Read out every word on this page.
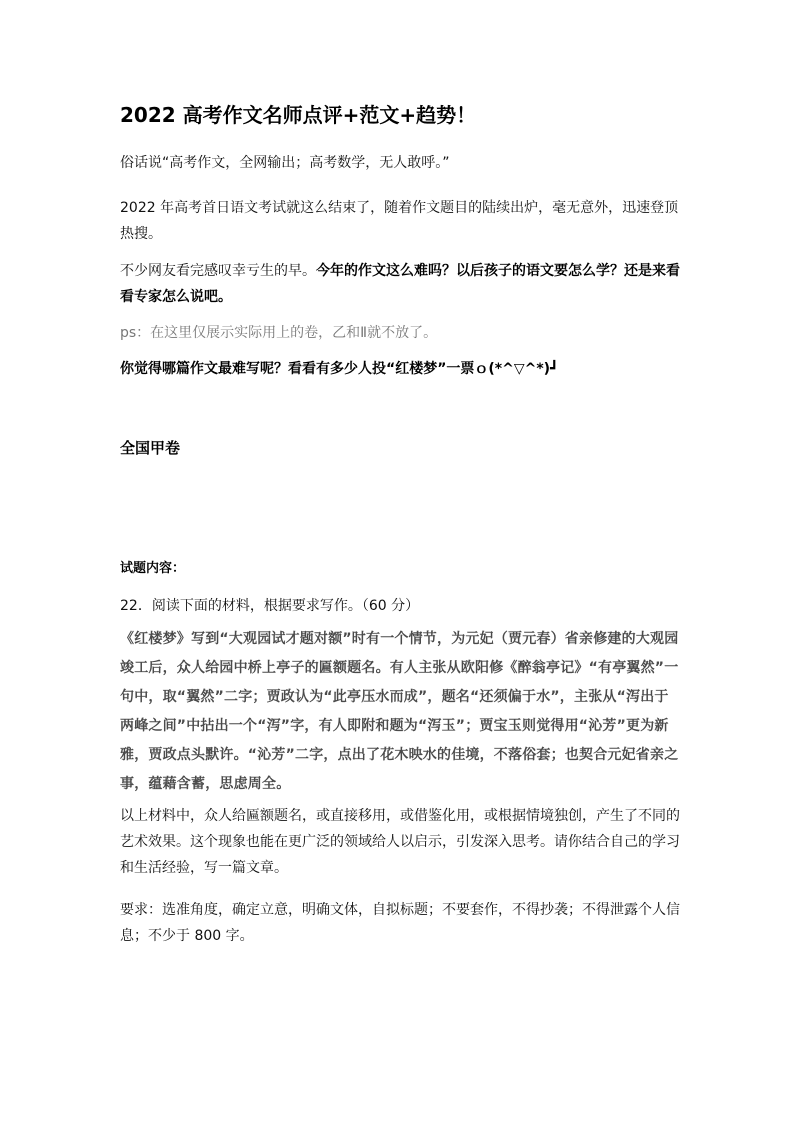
2022 高考作文名师点评+范文+趋势！

俗话说“高考作文，全网输出；高考数学，无人敢呼。”

2022 年高考首日语文考试就这么结束了，随着作文题目的陆续出炉，毫无意外，迅速登顶热搜。

不少网友看完感叹幸亏生的早。今年的作文这么难吗？以后孩子的语文要怎么学？还是来看看专家怎么说吧。

ps：在这里仅展示实际用上的卷，乙和Ⅱ就不放了。

你觉得哪篇作文最难写呢？看看有多少人投“红楼梦”一票ｏ(*^▽^*)┛

全国甲卷

试题内容：

22．阅读下面的材料，根据要求写作。（60 分）

《红楼梦》写到“大观园试才题对额”时有一个情节，为元妃（贾元春）省亲修建的大观园竣工后，众人给园中桥上亭子的匾额题名。有人主张从欧阳修《醉翁亭记》“有亭翼然”一句中，取“翼然”二字；贾政认为“此亭压水而成”，题名“还须偏于水”，主张从“泻出于两峰之间”中拈出一个“泻”字，有人即附和题为“泻玉”；贾宝玉则觉得用“沁芳”更为新雅，贾政点头默许。“沁芳”二字，点出了花木映水的佳境，不落俗套；也契合元妃省亲之事，蕴藉含蓄，思虑周全。

以上材料中，众人给匾额题名，或直接移用，或借鉴化用，或根据情境独创，产生了不同的艺术效果。这个现象也能在更广泛的领域给人以启示，引发深入思考。请你结合自己的学习和生活经验，写一篇文章。

要求：选准角度，确定立意，明确文体，自拟标题；不要套作，不得抄袭；不得泄露个人信息；不少于 800 字。
